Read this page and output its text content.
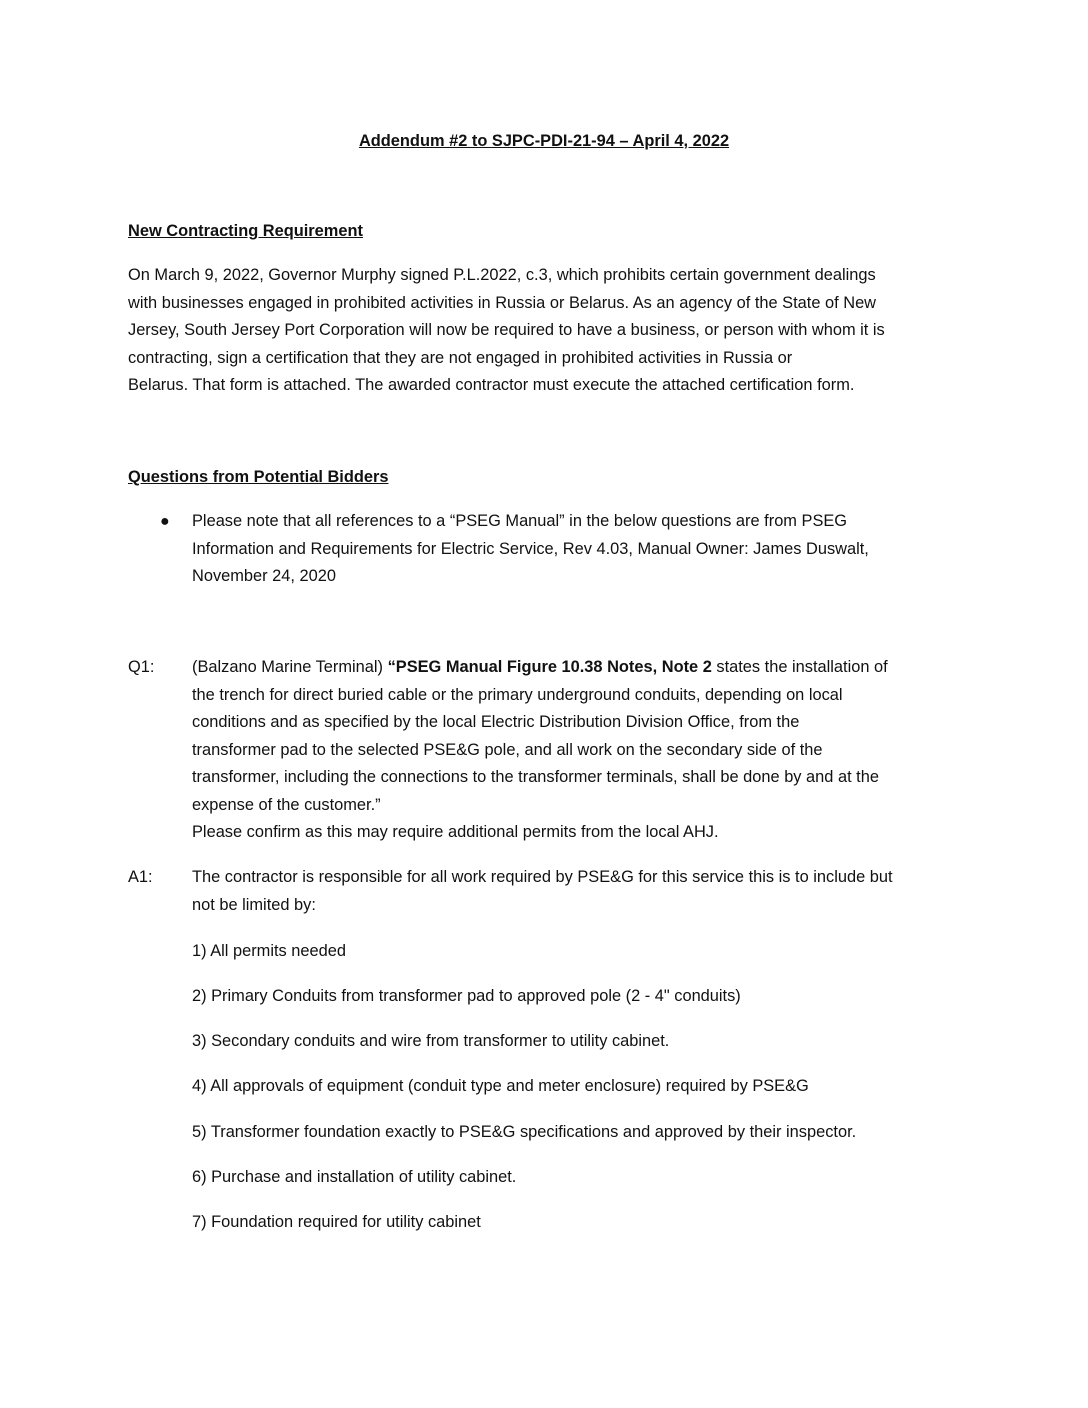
Addendum #2 to SJPC-PDI-21-94 – April 4, 2022
New Contracting Requirement
On March 9, 2022, Governor Murphy signed P.L.2022, c.3, which prohibits certain government dealings
with businesses engaged in prohibited activities in Russia or Belarus. As an agency of the State of New
Jersey, South Jersey Port Corporation will now be required to have a business, or person with whom it is
contracting, sign a certification that they are not engaged in prohibited activities in Russia or
Belarus. That form is attached. The awarded contractor must execute the attached certification form.
Questions from Potential Bidders
● Please note that all references to a “PSEG Manual” in the below questions are from PSEG
Information and Requirements for Electric Service, Rev 4.03, Manual Owner: James Duswalt,
November 24, 2020
Q1: (Balzano Marine Terminal) “PSEG Manual Figure 10.38 Notes, Note 2 states the installation of
the trench for direct buried cable or the primary underground conduits, depending on local
conditions and as specified by the local Electric Distribution Division Office, from the
transformer pad to the selected PSE&G pole, and all work on the secondary side of the
transformer, including the connections to the transformer terminals, shall be done by and at the
expense of the customer.”
Please confirm as this may require additional permits from the local AHJ.
A1: The contractor is responsible for all work required by PSE&G for this service this is to include but
not be limited by:
1) All permits needed
2) Primary Conduits from transformer pad to approved pole (2 - 4" conduits)
3) Secondary conduits and wire from transformer to utility cabinet.
4) All approvals of equipment (conduit type and meter enclosure) required by PSE&G
5) Transformer foundation exactly to PSE&G specifications and approved by their inspector.
6) Purchase and installation of utility cabinet.
7) Foundation required for utility cabinet
